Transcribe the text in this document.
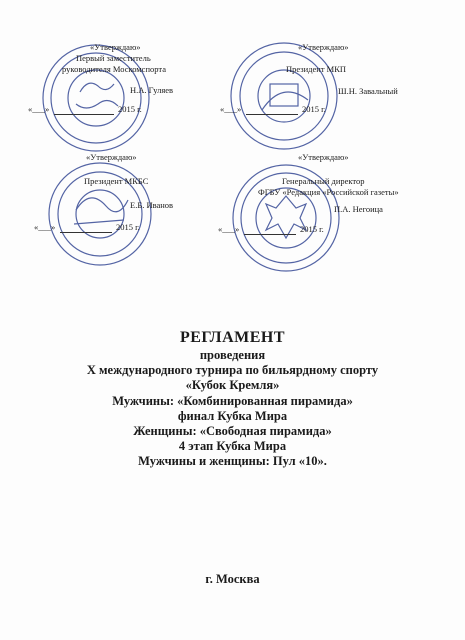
«Утверждаю»
Первый заместитель
руководителя Москомспорта
Н.А. Гуляев
«___»	2015 г.
«Утверждаю»
Президент МКП
Ш.Н. Завальный
«___»	2015 г.
«Утверждаю»
Президент МКБС
Е.Б. Иванов
«___»	2015 г.
«Утверждаю»
Генеральный директор
ФГБУ «Редакция «Российской газеты»
П.А. Негоица
«___»	2015 г.
РЕГЛАМЕНТ
проведения
X международного турнира по бильярдному спорту
«Кубок Кремля»
Мужчины: «Комбинированная пирамида»
финал Кубка Мира
Женщины: «Свободная пирамида»
4 этап Кубка Мира
Мужчины и женщины: Пул «10».
г. Москва
